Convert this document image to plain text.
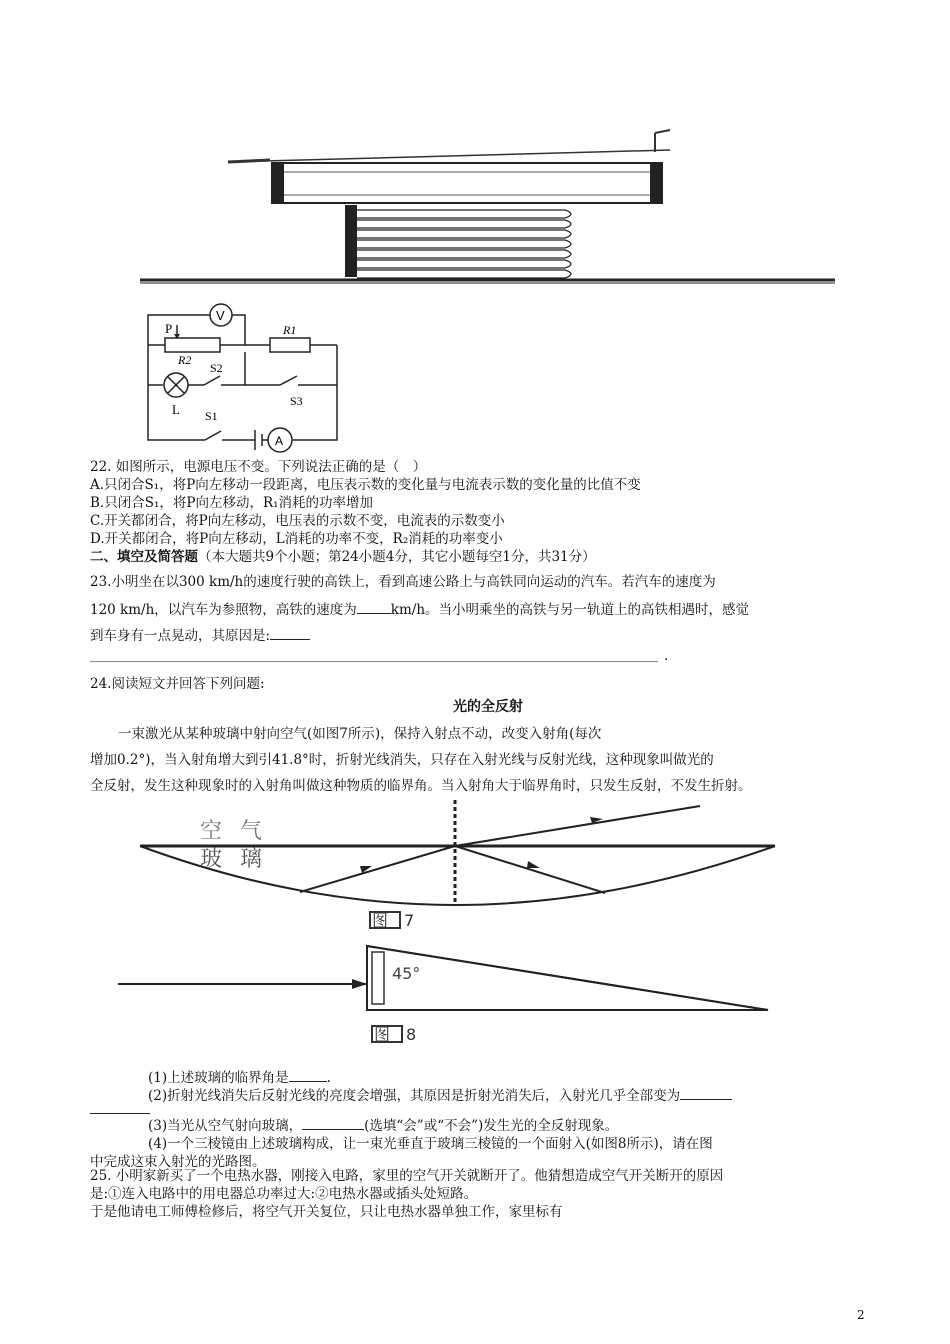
V
P	R1
R2
S2
S3
L S1
A
22. 如图所示，电源电压不变。下列说法正确的是（　）
A.只闭合S₁，将P向左移动一段距离，电压表示数的变化量与电流表示数的变化量的比值不变
B.只闭合S₁，将P向左移动，R₁消耗的功率增加
C.开关都闭合，将P向左移动，电压表的示数不变，电流表的示数变小
D.开关都闭合，将P向左移动，L消耗的功率不变，R₂消耗的功率变小
二、填空及简答题（本大题共9个小题；第24小题4分，其它小题每空1分，共31分）
23.小明坐在以300 km/h的速度行驶的高铁上，看到高速公路上与高铁同向运动的汽车。若汽车的速度为
120 km/h，以汽车为参照物，高铁的速度为	km/h。当小明乘坐的高铁与另一轨道上的高铁相遇时，感觉
到车身有一点晃动，其原因是:
.
24.阅读短文并回答下列问题:
光的全反射
一束激光从某种玻璃中射向空气(如图7所示)，保持入射点不动，改变入射角(每次
增加0.2°)，当入射角增大到引41.8°时，折射光线消失，只存在入射光线与反射光线，这种现象叫做光的
全反射，发生这种现象时的入射角叫做这种物质的临界角。当入射角大于临界角时，只发生反射，不发生折射。
空气
玻璃
图　7
45°
图　8
(1)上述玻璃的临界角是	.
(2)折射光线消失后反射光线的亮度会增强，其原因是折射光消失后，入射光几乎全部变为
(3)当光从空气射向玻璃，	(选填“会”或“不会”)发生光的全反射现象。
(4)一个三棱镜由上述玻璃构成，让一束光垂直于玻璃三棱镜的一个面射入(如图8所示)，请在图
中完成这束入射光的光路图。
25. 小明家新买了一个电热水器，刚接入电路，家里的空气开关就断开了。他猜想造成空气开关断开的原因
是:①连入电路中的用电器总功率过大:②电热水器或插头处短路。
于是他请电工师傅检修后，将空气开关复位，只让电热水器单独工作，家里标有
2
